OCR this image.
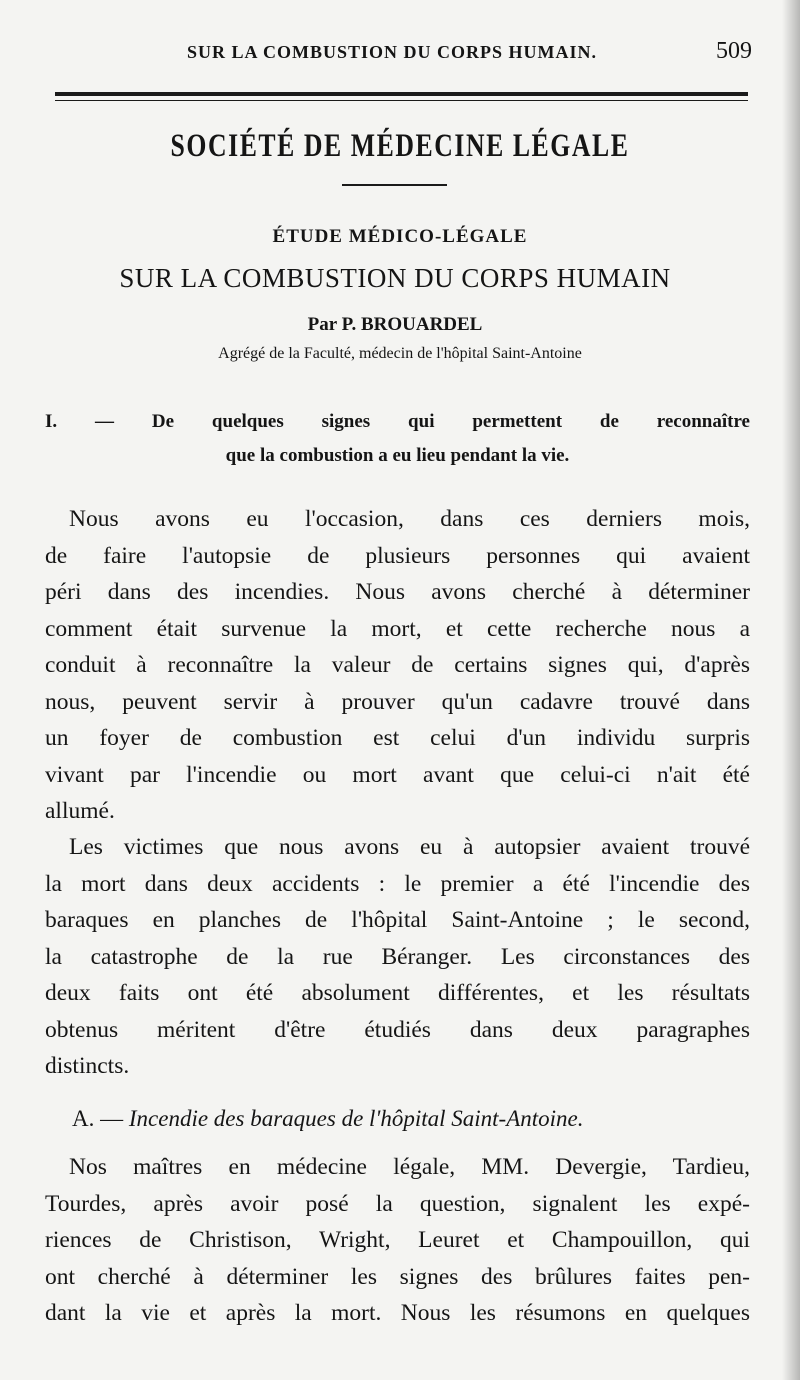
SUR LA COMBUSTION DU CORPS HUMAIN.	509
SOCIÉTÉ DE MÉDECINE LÉGALE
ÉTUDE MÉDICO-LÉGALE
SUR LA COMBUSTION DU CORPS HUMAIN
Par P. BROUARDEL
Agrégé de la Faculté, médecin de l'hôpital Saint-Antoine
I. — De quelques signes qui permettent de reconnaître
que la combustion a eu lieu pendant la vie.
Nous avons eu l'occasion, dans ces derniers mois,
de faire l'autopsie de plusieurs personnes qui avaient
péri dans des incendies. Nous avons cherché à déterminer
comment était survenue la mort, et cette recherche nous a
conduit à reconnaître la valeur de certains signes qui, d'après
nous, peuvent servir à prouver qu'un cadavre trouvé dans
un foyer de combustion est celui d'un individu surpris
vivant par l'incendie ou mort avant que celui-ci n'ait été
allumé.
Les victimes que nous avons eu à autopsier avaient trouvé
la mort dans deux accidents : le premier a été l'incendie des
baraques en planches de l'hôpital Saint-Antoine ; le second,
la catastrophe de la rue Béranger. Les circonstances des
deux faits ont été absolument différentes, et les résultats
obtenus méritent d'être étudiés dans deux paragraphes
distincts.
A. — Incendie des baraques de l'hôpital Saint-Antoine.
Nos maîtres en médecine légale, MM. Devergie, Tardieu,
Tourdes, après avoir posé la question, signalent les expé-
riences de Christison, Wright, Leuret et Champouillon, qui
ont cherché à déterminer les signes des brûlures faites pen-
dant la vie et après la mort. Nous les résumons en quelques
